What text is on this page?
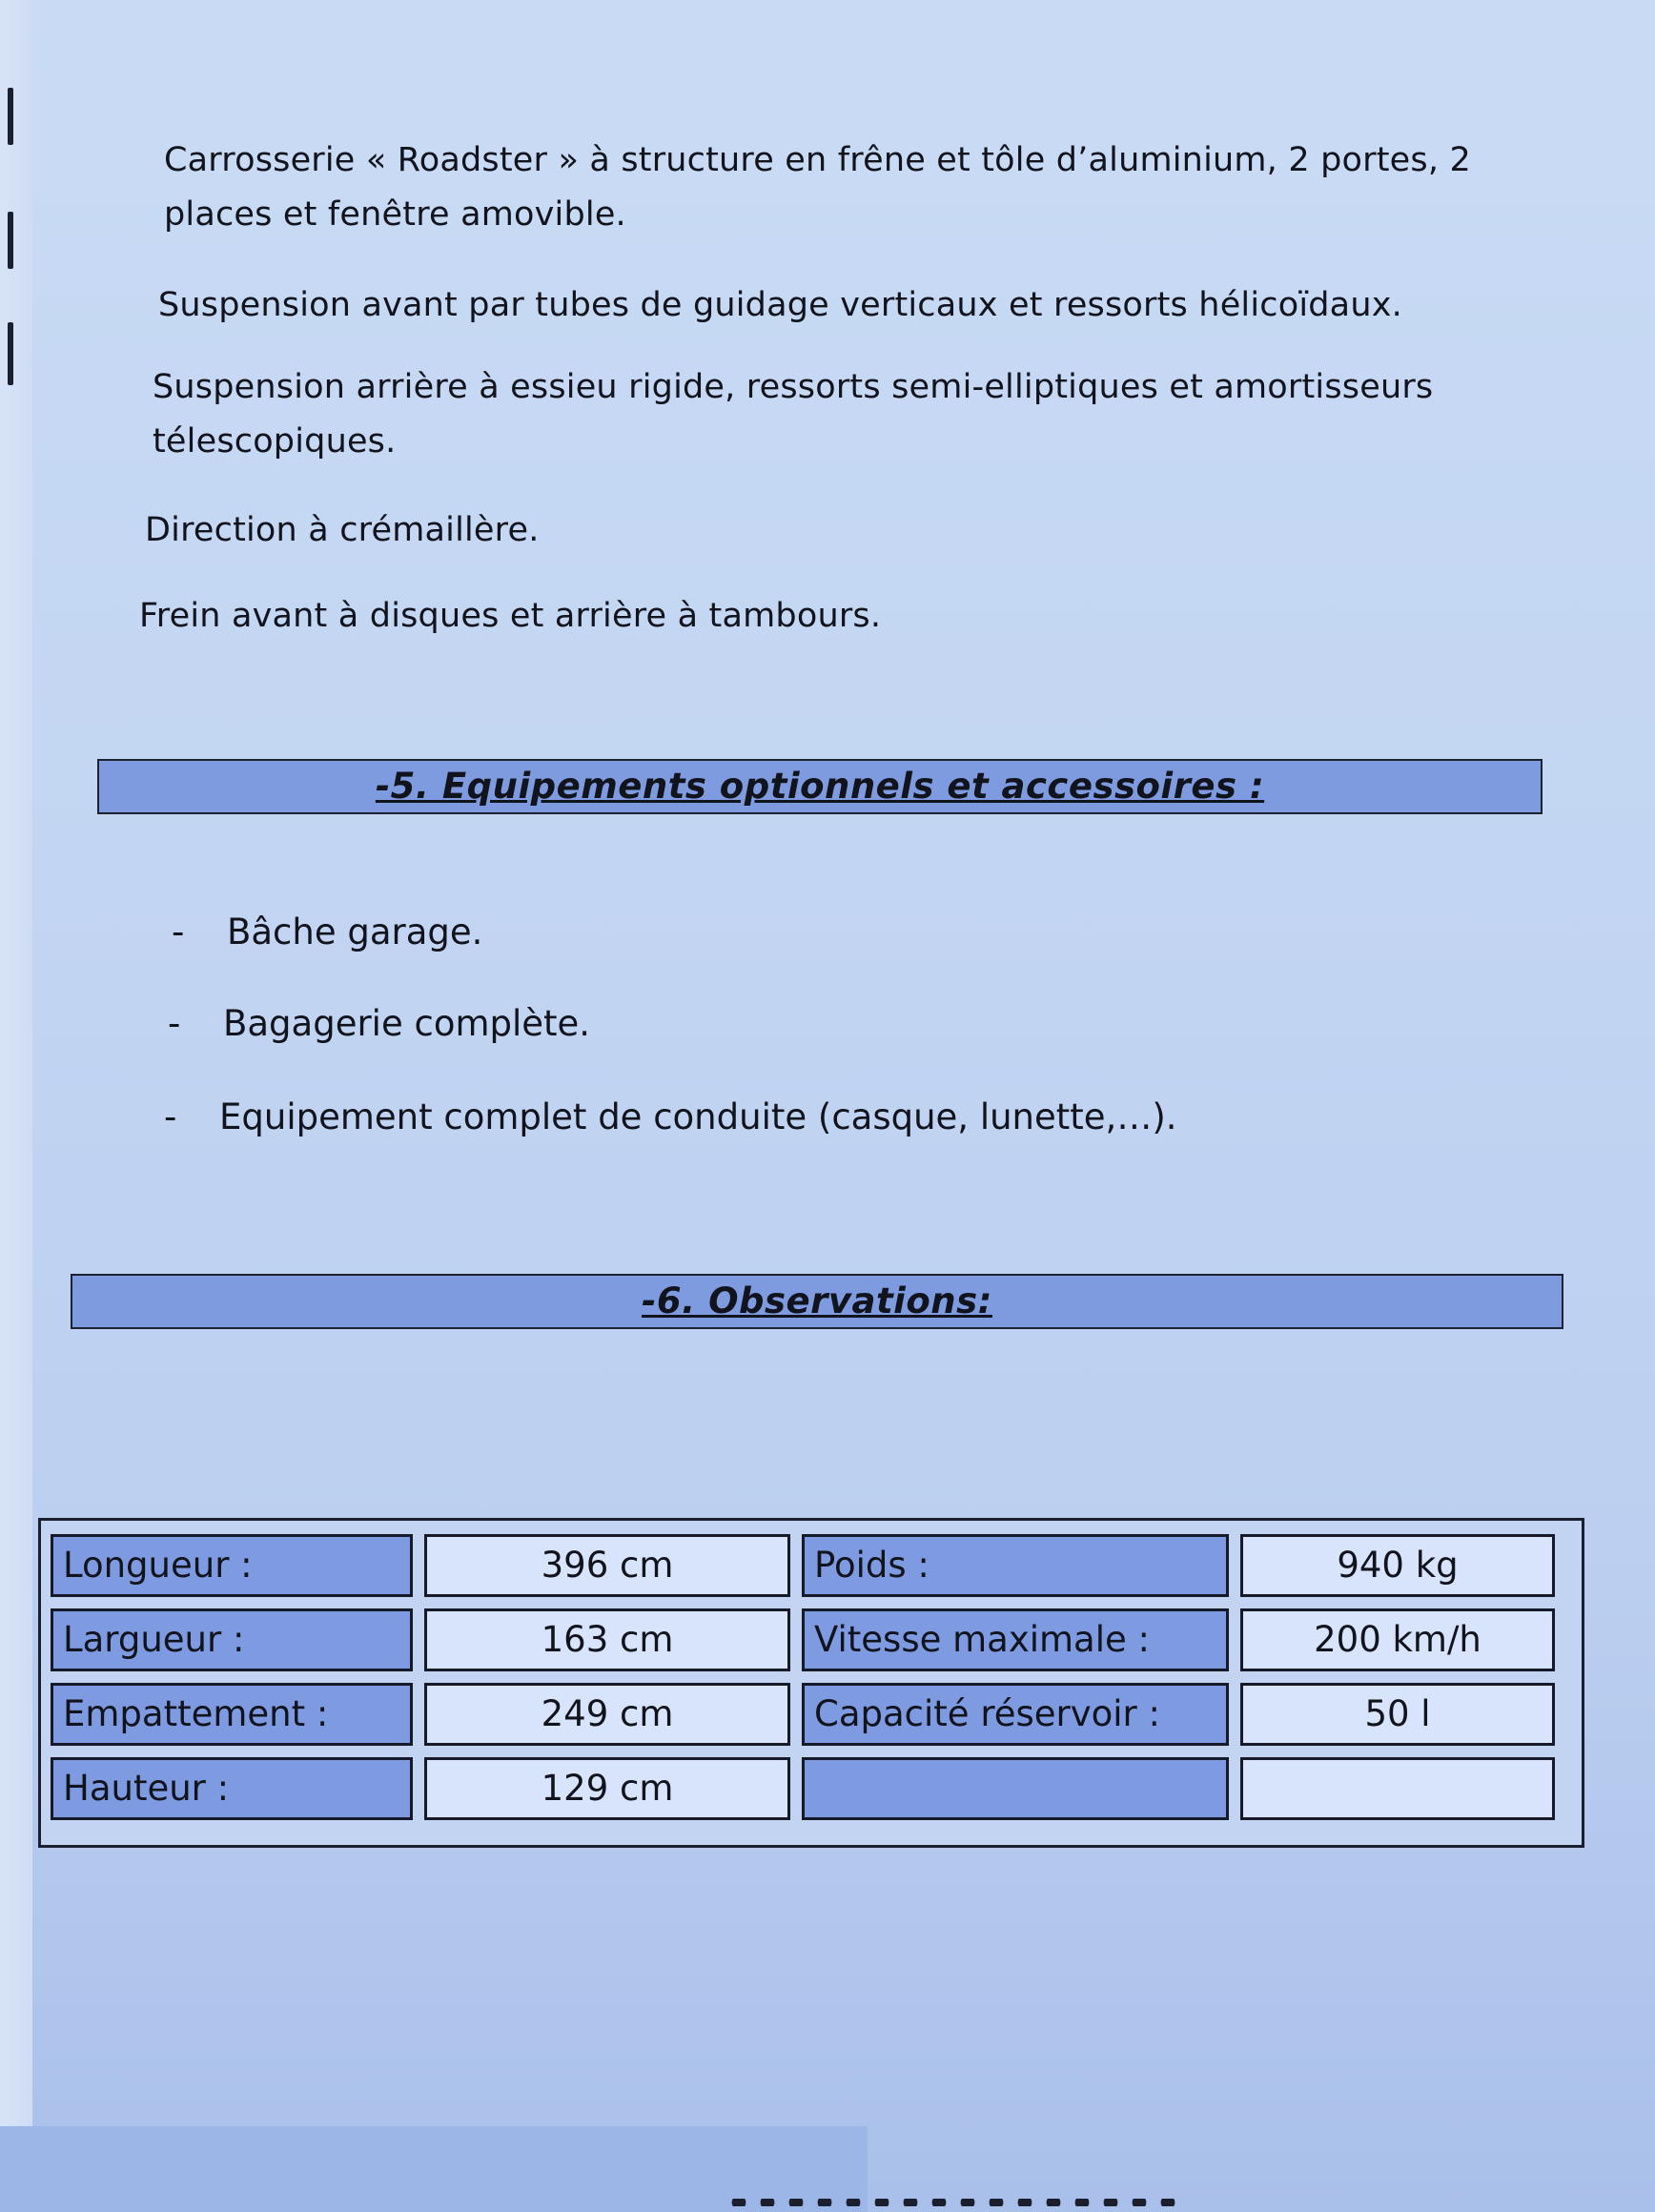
Carrosserie « Roadster » à structure en frêne et tôle d’aluminium, 2 portes, 2
places et fenêtre amovible.
Suspension avant par tubes de guidage verticaux et ressorts hélicoïdaux.
Suspension arrière à essieu rigide, ressorts semi-elliptiques et amortisseurs
télescopiques.
Direction à crémaillère.
Frein avant à disques et arrière à tambours.
-5. Equipements optionnels et accessoires :
- Bâche garage.
- Bagagerie complète.
- Equipement complet de conduite (casque, lunette,…).
-6. Observations:
Longueur :	396 cm	Poids :	940 kg
Largueur :	163 cm	Vitesse maximale :	200 km/h
Empattement :	249 cm	Capacité réservoir :	50 l
Hauteur :	129 cm
